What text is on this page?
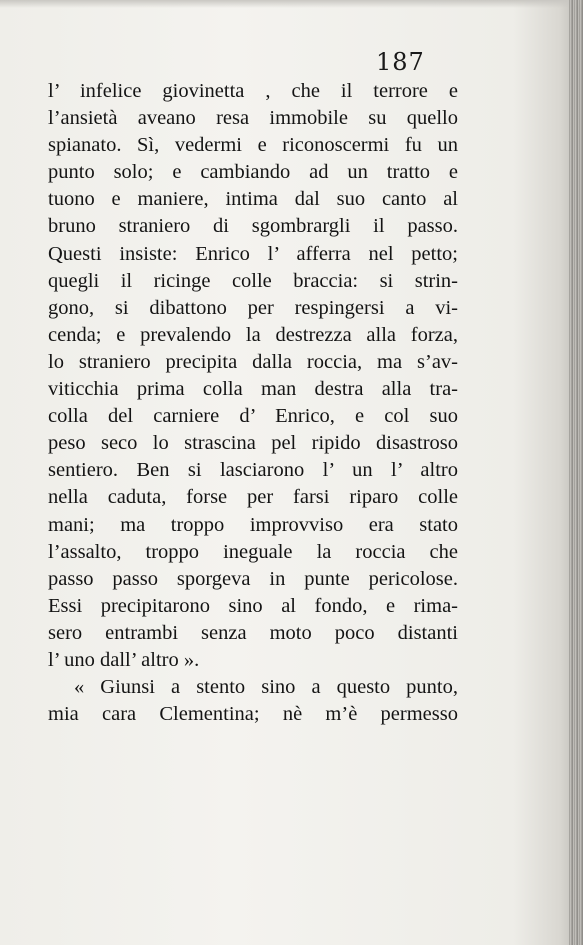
187
l’ infelice giovinetta , che il terrore e
l’ansietà aveano resa immobile su quello
spianato. Sì, vedermi e riconoscermi fu un
punto solo; e cambiando ad un tratto e
tuono e maniere, intima dal suo canto al
bruno straniero di sgombrargli il passo.
Questi insiste: Enrico l’ afferra nel petto;
quegli il ricinge colle braccia: si strin-
gono, si dibattono per respingersi a vi-
cenda; e prevalendo la destrezza alla forza,
lo straniero precipita dalla roccia, ma s’av-
viticchia prima colla man destra alla tra-
colla del carniere d’ Enrico, e col suo
peso seco lo strascina pel ripido disastroso
sentiero. Ben si lasciarono l’ un l’ altro
nella caduta, forse per farsi riparo colle
mani; ma troppo improvviso era stato
l’assalto, troppo ineguale la roccia che
passo passo sporgeva in punte pericolose.
Essi precipitarono sino al fondo, e rima-
sero entrambi senza moto poco distanti
l’ uno dall’ altro ».
« Giunsi a stento sino a questo punto,
mia cara Clementina; nè m’è permesso
